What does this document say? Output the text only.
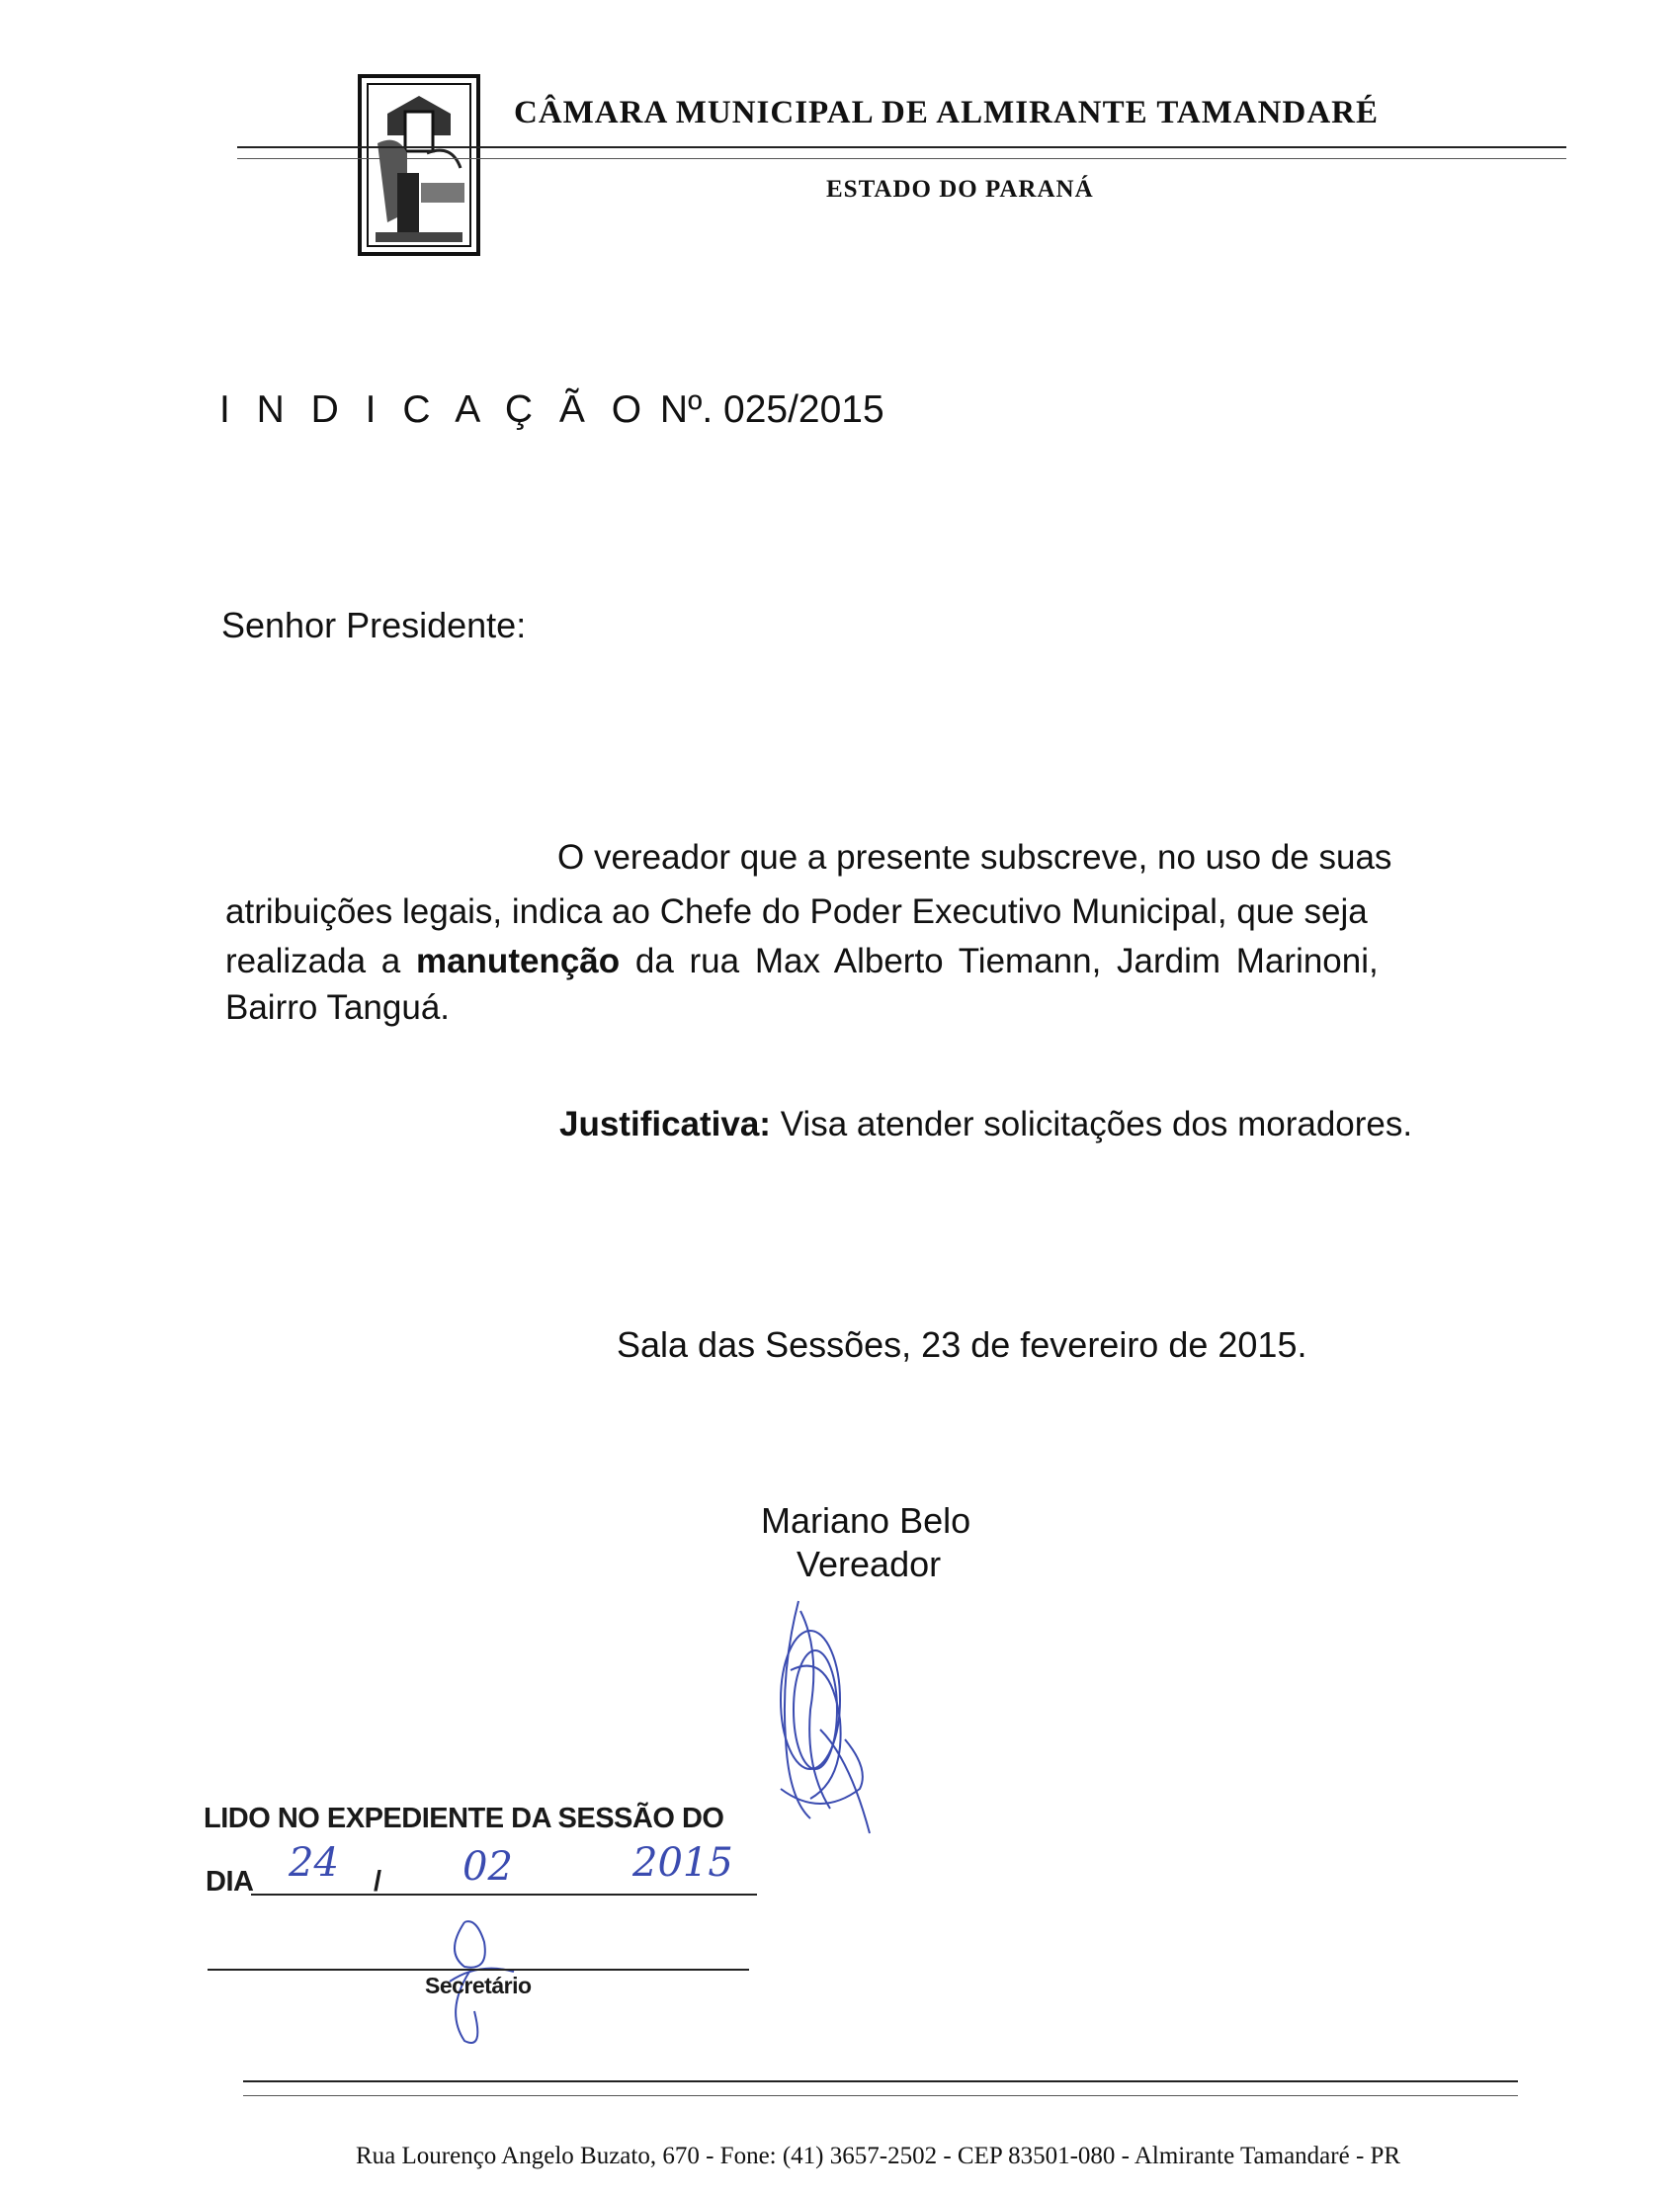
CÂMARA MUNICIPAL DE ALMIRANTE TAMANDARÉ
ESTADO DO PARANÁ
I N D I C A Ç Ã O Nº. 025/2015
Senhor Presidente:
O vereador que a presente subscreve, no uso de suas
atribuições legais, indica ao Chefe do Poder Executivo Municipal, que seja
realizada a manutenção da rua Max Alberto Tiemann, Jardim Marinoni,
Bairro Tanguá.
Justificativa: Visa atender solicitações dos moradores.
Sala das Sessões, 23 de fevereiro de 2015.
Mariano Belo
Vereador
LIDO NO EXPEDIENTE DA SESSÃO DO
DIA 24 / 02	2015
Secretário
Rua Lourenço Angelo Buzato, 670 - Fone: (41) 3657-2502 - CEP 83501-080 - Almirante Tamandaré - PR
